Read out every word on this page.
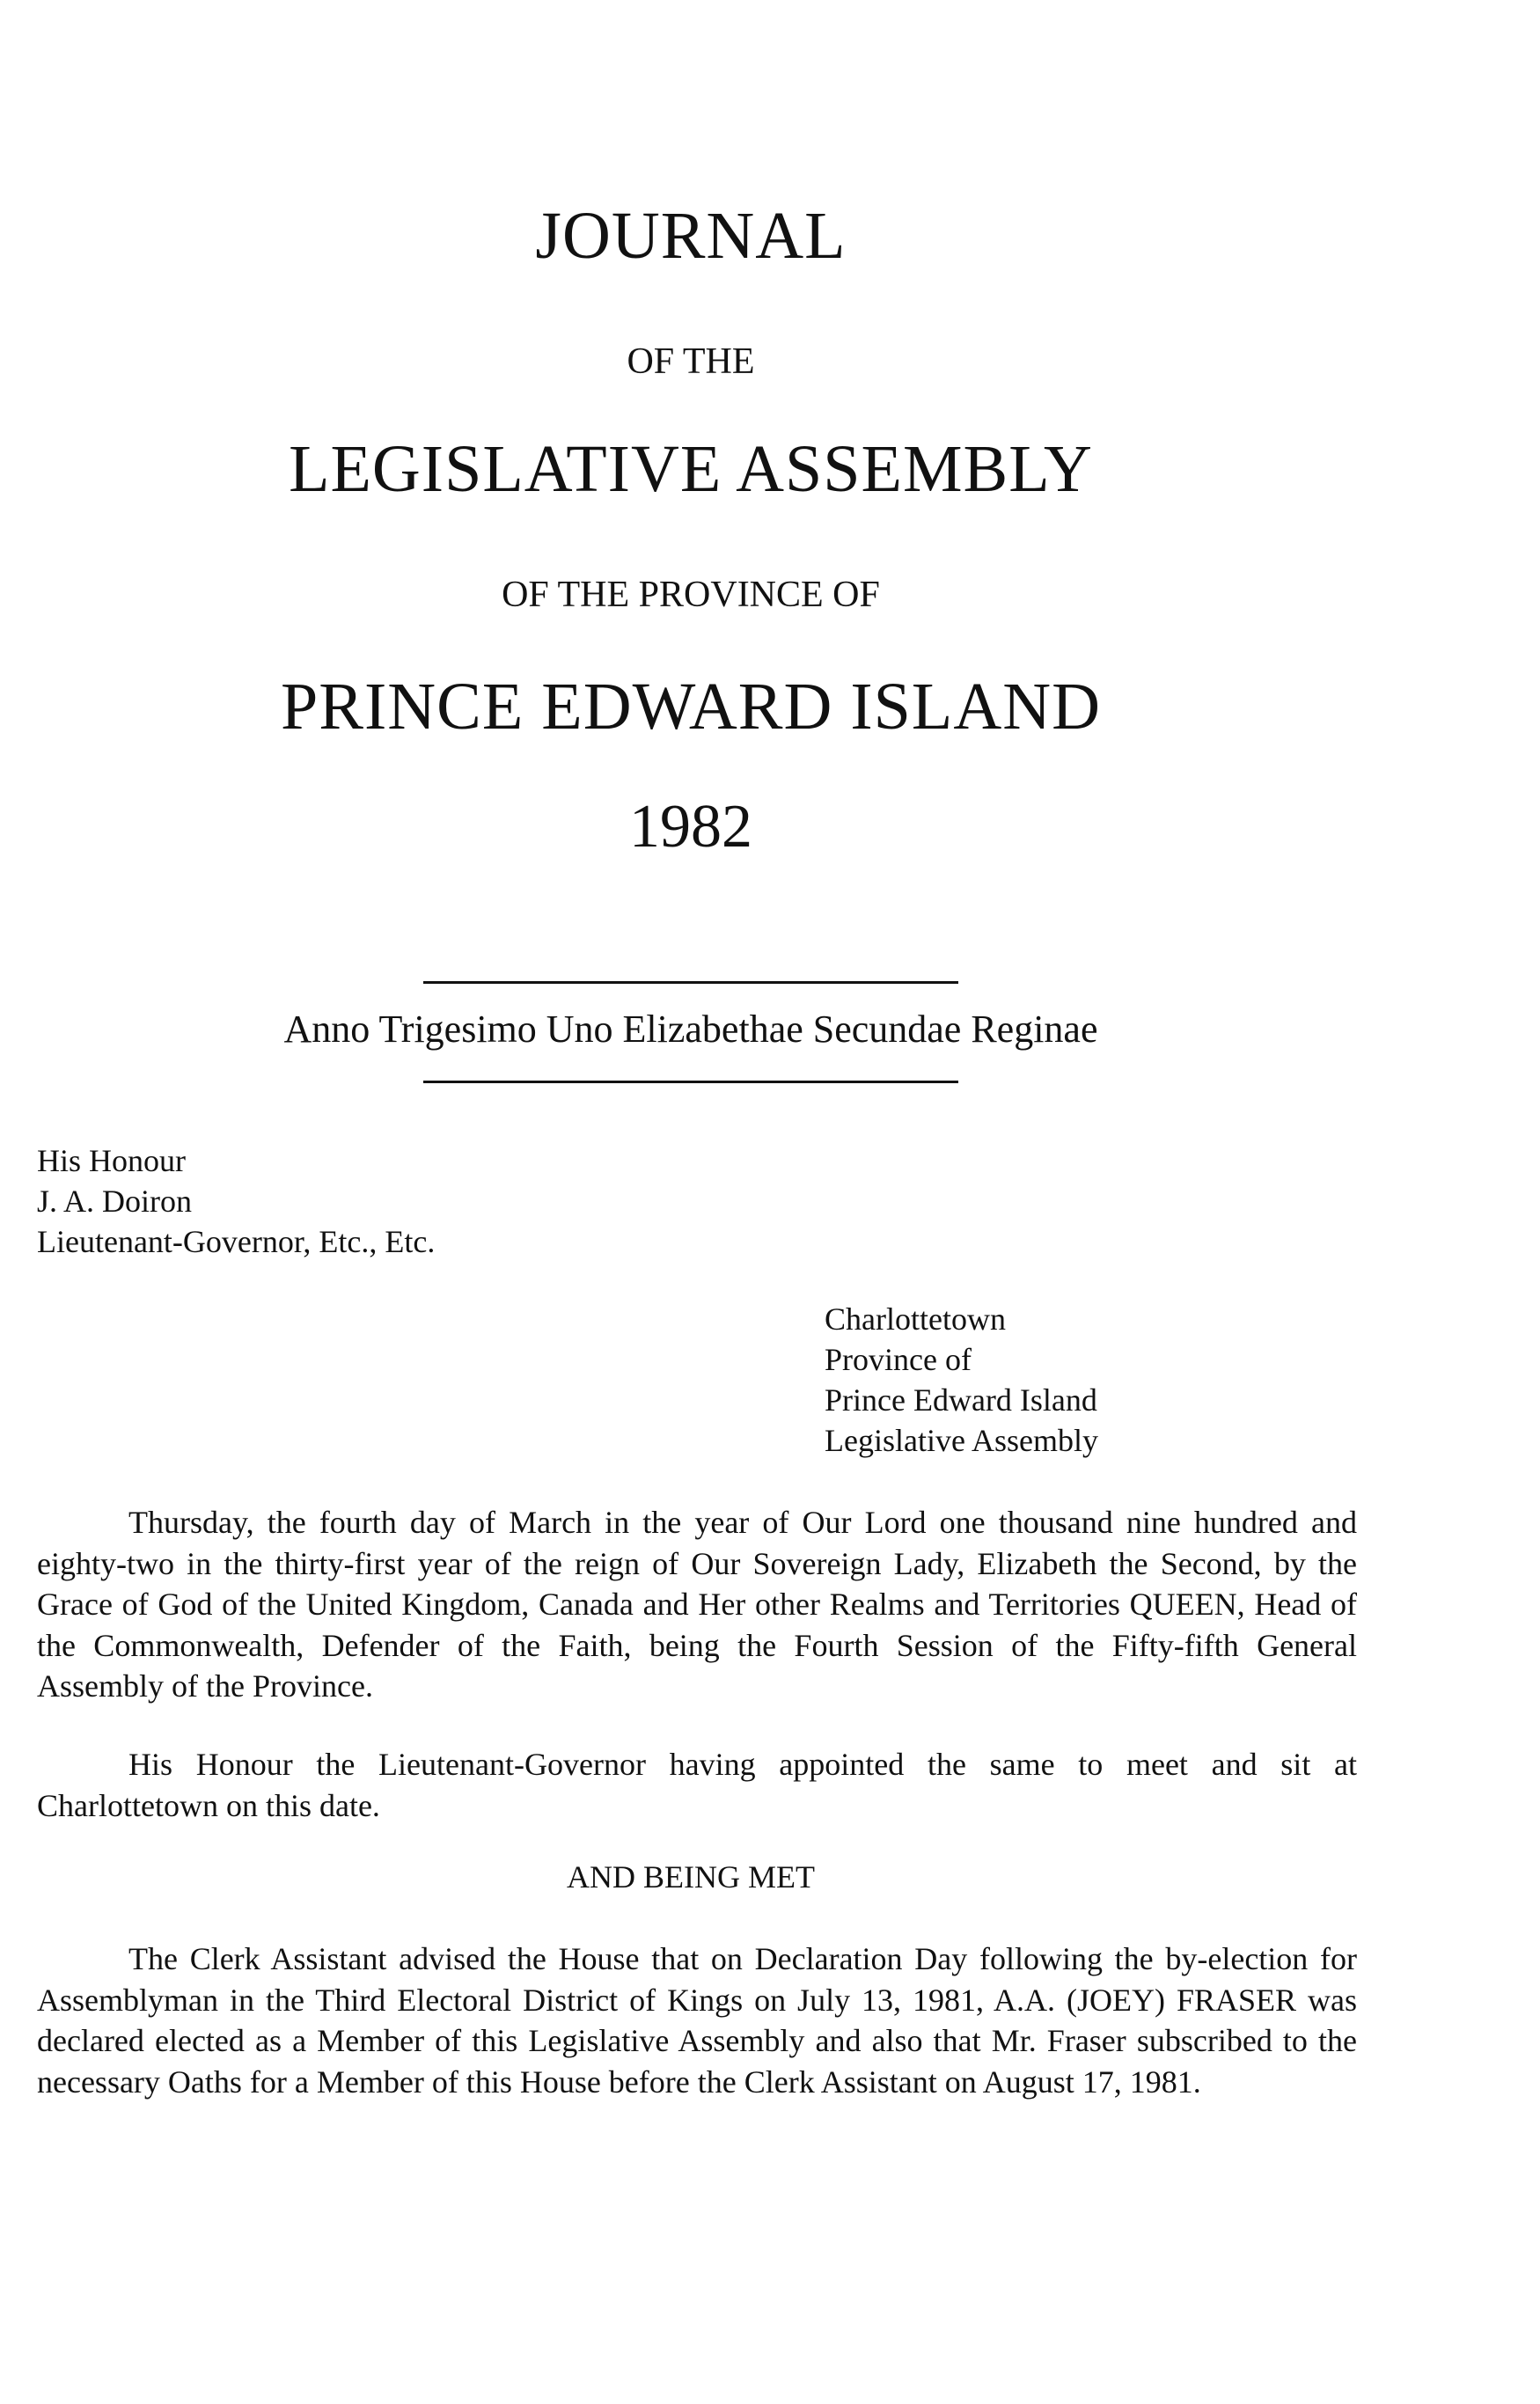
JOURNAL
OF THE
LEGISLATIVE ASSEMBLY
OF THE PROVINCE OF
PRINCE EDWARD ISLAND
1982
Anno Trigesimo Uno Elizabethae Secundae Reginae
His Honour
J. A. Doiron
Lieutenant-Governor, Etc., Etc.
Charlottetown
Province of
Prince Edward Island
Legislative Assembly

Thursday, the fourth day of March in the year of Our Lord one thousand nine hundred and eighty-two in the thirty-first year of the reign of Our Sovereign Lady, Elizabeth the Second, by the Grace of God of the United Kingdom, Canada and Her other Realms and Territories QUEEN, Head of the Commonwealth, Defender of the Faith, being the Fourth Session of the Fifty-fifth General Assembly of the Province.

His Honour the Lieutenant-Governor having appointed the same to meet and sit at Charlottetown on this date.

AND BEING MET

The Clerk Assistant advised the House that on Declaration Day following the by-election for Assemblyman in the Third Electoral District of Kings on July 13, 1981, A.A. (JOEY) FRASER was declared elected as a Member of this Legislative Assembly and also that Mr. Fraser subscribed to the necessary Oaths for a Member of this House before the Clerk Assistant on August 17, 1981.
